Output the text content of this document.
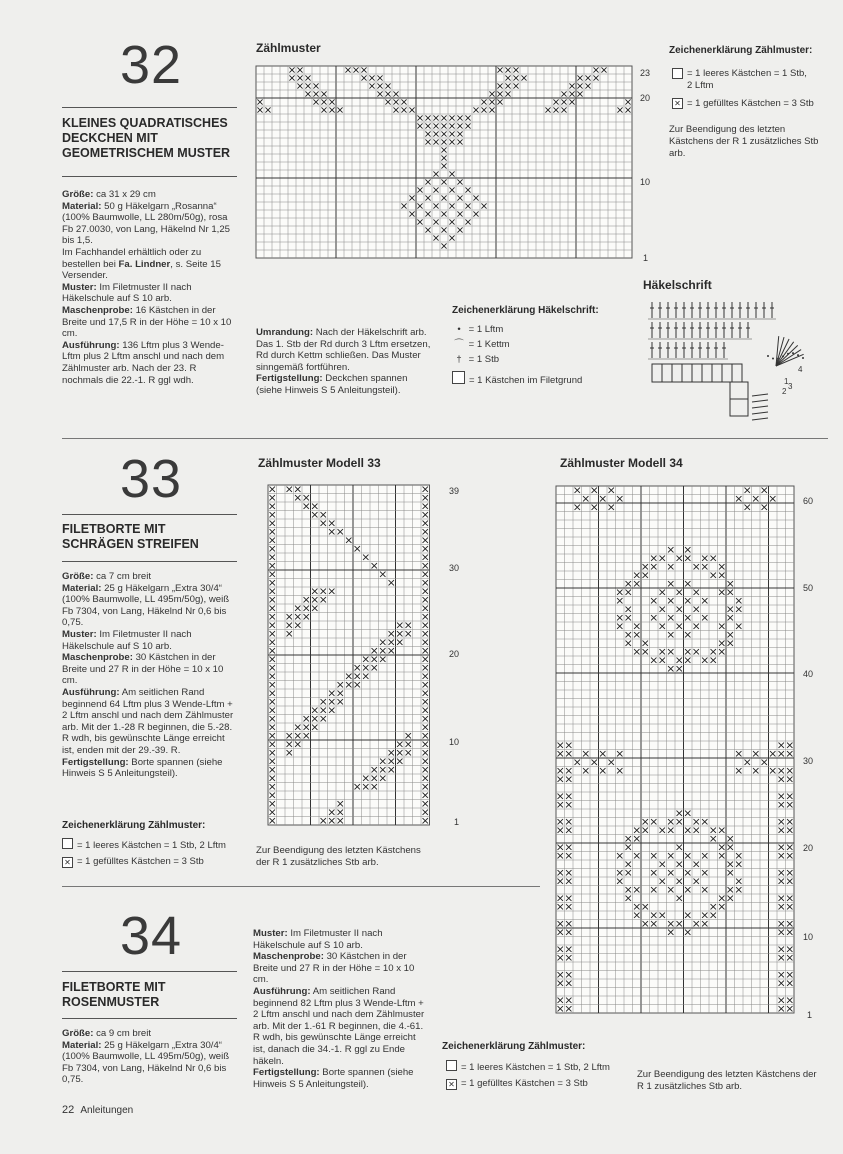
32
KLEINES QUADRATISCHES
DECKCHEN MIT
GEOMETRISCHEM MUSTER
Größe: ca 31 x 29 cm
Material: 50 g Häkelgarn „Rosanna“ (100% Baumwolle, LL 280m/50g), rosa Fb 27.0030, von Lang, Häkelnd Nr 1,25 bis 1,5.
Im Fachhandel erhältlich oder zu bestellen bei Fa. Lindner, s. Seite 15 Versender.
Muster: Im Filetmuster II nach Häkelschule auf S 10 arb.
Maschenprobe: 16 Kästchen in der Breite und 17,5 R in der Höhe = 10 x 10 cm.
Ausführung: 136 Lftm plus 3 Wende-Lftm plus 2 Lftm anschl und nach dem Zählmuster arb. Nach der 23. R nochmals die 22.-1. R ggl wdh.
Zählmuster
23
20
10
1
Umrandung: Nach der Häkelschrift arb. Das 1. Stb der Rd durch 3 Lftm ersetzen, Rd durch Kettm schließen. Das Muster sinngemäß fortführen.
Fertigstellung: Deckchen spannen (siehe Hinweis S 5 Anleitungsteil).
Zeichenerklärung Häkelschrift:
• = 1 Lftm
⌒ = 1 Kettm
† = 1 Stb
= 1 Kästchen im Filetgrund
Zeichenerklärung Zählmuster:
= 1 leeres Kästchen = 1 Stb, 2 Lftm
✕ = 1 gefülltes Kästchen = 3 Stb
Zur Beendigung des letzten Kästchens der R 1 zusätzliches Stb arb.
Häkelschrift
1
2
3
4
33
FILETBORTE MIT
SCHRÄGEN STREIFEN
Größe: ca 7 cm breit
Material: 25 g Häkelgarn „Extra 30/4“ (100% Baumwolle, LL 495m/50g), weiß Fb 7304, von Lang, Häkelnd Nr 0,6 bis 0,75.
Muster: Im Filetmuster II nach Häkelschule auf S 10 arb.
Maschenprobe: 30 Kästchen in der Breite und 27 R in der Höhe = 10 x 10 cm.
Ausführung: Am seitlichen Rand beginnend 64 Lftm plus 3 Wende-Lftm + 2 Lftm anschl und nach dem Zählmuster arb. Mit der 1.-28 R beginnen, die 5.-28. R wdh, bis gewünschte Länge erreicht ist, enden mit der 29.-39. R.
Fertigstellung: Borte spannen (siehe Hinweis S 5 Anleitungsteil).
Zeichenerklärung Zählmuster:
= 1 leeres Kästchen = 1 Stb, 2 Lftm
✕ = 1 gefülltes Kästchen = 3 Stb
Zählmuster Modell 33
39
30
20
10
1
Zur Beendigung des letzten Kästchens der R 1 zusätzliches Stb arb.
34
FILETBORTE MIT
ROSENMUSTER
Größe: ca 9 cm breit
Material: 25 g Häkelgarn „Extra 30/4“ (100% Baumwolle, LL 495m/50g), weiß Fb 7304, von Lang, Häkelnd Nr 0,6 bis 0,75.
Muster: Im Filetmuster II nach Häkelschule auf S 10 arb.
Maschenprobe: 30 Kästchen in der Breite und 27 R in der Höhe = 10 x 10 cm.
Ausführung: Am seitlichen Rand beginnend 82 Lftm plus 3 Wende-Lftm + 2 Lftm anschl und nach dem Zählmuster arb. Mit der 1.-61 R beginnen, die 4.-61. R wdh, bis gewünschte Länge erreicht ist, danach die 34.-1. R ggl zu Ende häkeln.
Fertigstellung: Borte spannen (siehe Hinweis S 5 Anleitungsteil).
Zählmuster Modell 34
60
50
40
30
20
10
1
Zeichenerklärung Zählmuster:
= 1 leeres Kästchen = 1 Stb, 2 Lftm
✕ = 1 gefülltes Kästchen = 3 Stb
Zur Beendigung des letzten Kästchens der R 1 zusätzliches Stb arb.
22 Anleitungen
